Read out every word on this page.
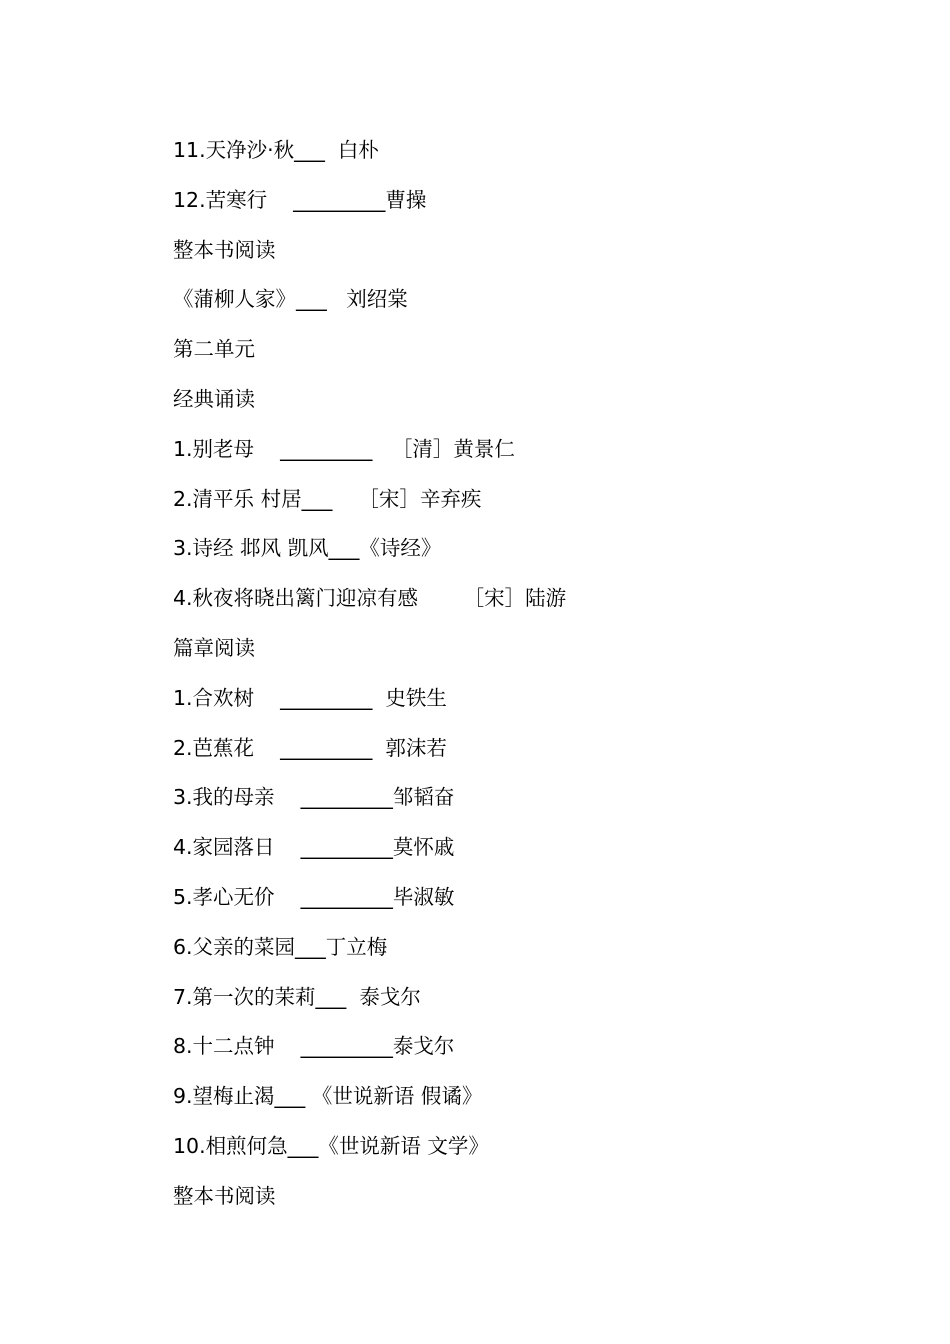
11.天净沙·秋___  白朴
12.苦寒行    _________曹操
整本书阅读
《蒲柳人家》___   刘绍棠
第二单元
经典诵读
1.别老母    _________   ［清］黄景仁
2.清平乐 村居___    ［宋］辛弃疾
3.诗经 邶风 凯风___《诗经》
4.秋夜将晓出篱门迎凉有感       ［宋］陆游
篇章阅读
1.合欢树    _________  史铁生
2.芭蕉花    _________  郭沫若
3.我的母亲    _________邹韬奋
4.家园落日    _________莫怀戚
5.孝心无价    _________毕淑敏
6.父亲的菜园___丁立梅
7.第一次的茉莉___  泰戈尔
8.十二点钟    _________泰戈尔
9.望梅止渴___ 《世说新语 假谲》
10.相煎何急___《世说新语 文学》
整本书阅读
